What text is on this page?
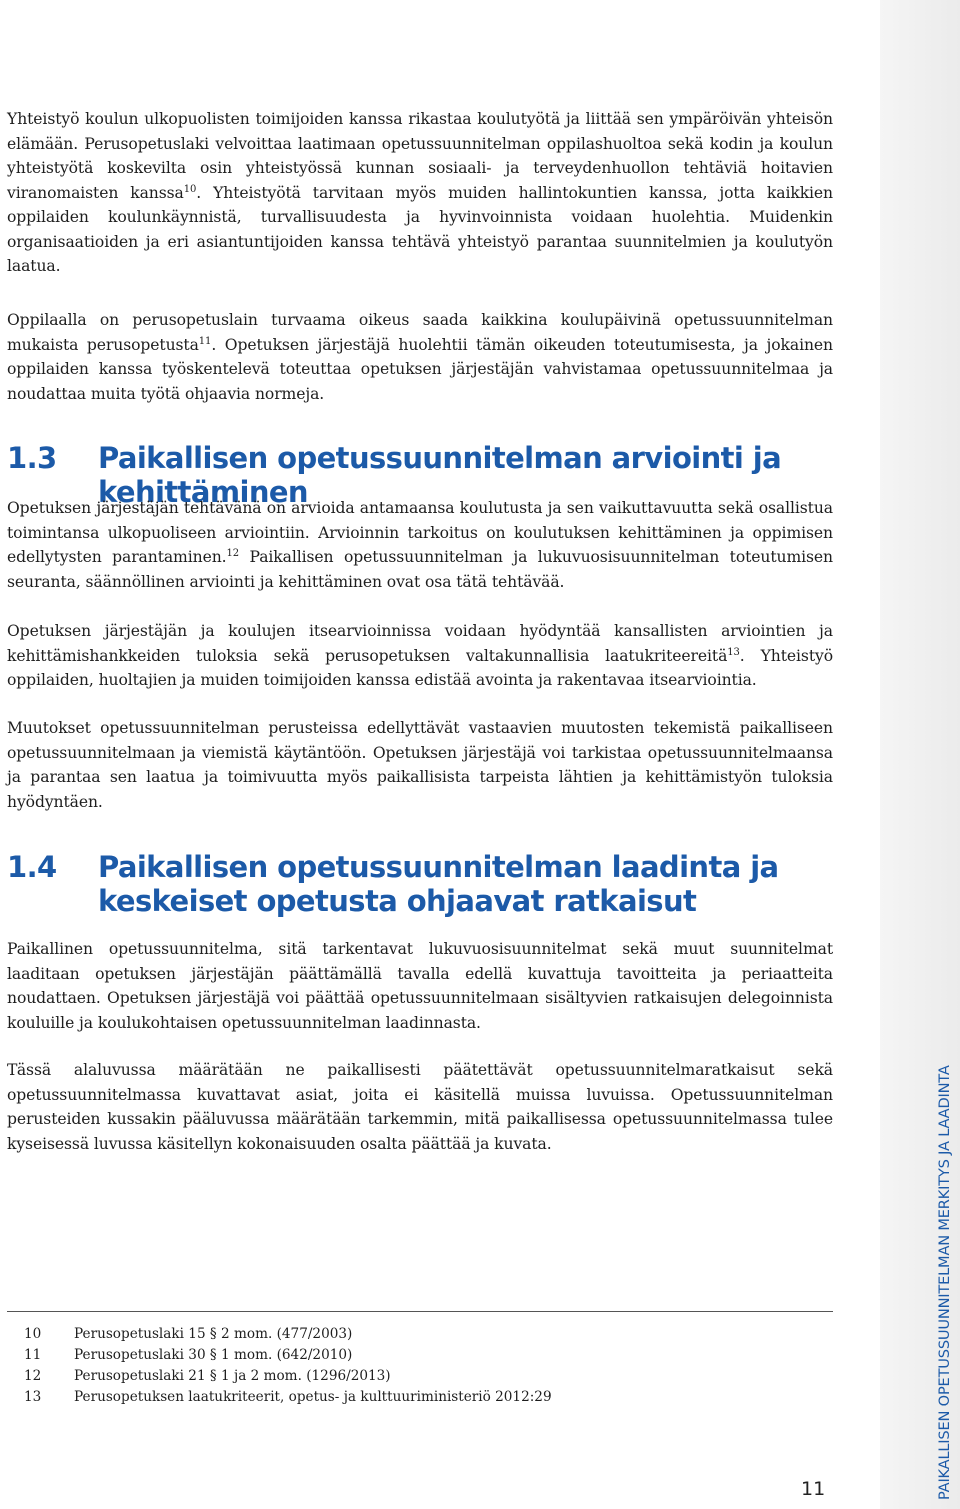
Yhteistyö koulun ulkopuolisten toimijoiden kanssa rikastaa koulutyötä ja liittää sen ympäröivän yhteisön elämään. Perusopetuslaki velvoittaa laatimaan opetussuunnitelman oppilashuoltoa sekä kodin ja koulun yhteistyötä koskevilta osin yhteistyössä kunnan sosiaali- ja terveydenhuollon tehtäviä hoitavien viranomaisten kanssa$^{10}$. Yhteistyötä tarvitaan myös muiden hallintokuntien kanssa, jotta kaikkien oppilaiden koulunkäynnistä, turvallisuudesta ja hyvinvoinnista voidaan huolehtia. Muidenkin organisaatioiden ja eri asiantuntijoiden kanssa tehtävä yhteistyö parantaa suunnitelmien ja koulutyön laatua.

Oppilaalla on perusopetuslain turvaama oikeus saada kaikkina koulupäivinä opetussuunnitelman mukaista perusopetusta$^{11}$. Opetuksen järjestäjä huolehtii tämän oikeuden toteutumisesta, ja jokainen oppilaiden kanssa työskentelevä toteuttaa opetuksen järjestäjän vahvistamaa opetussuunnitelmaa ja noudattaa muita työtä ohjaavia normeja.

1.3 Paikallisen opetussuunnitelman arviointi ja kehittäminen

Opetuksen järjestäjän tehtävänä on arvioida antamaansa koulutusta ja sen vaikuttavuutta sekä osallistua toimintansa ulkopuoliseen arviointiin. Arvioinnin tarkoitus on koulutuksen kehittäminen ja oppimisen edellytysten parantaminen.$^{12}$ Paikallisen opetussuunnitelman ja lukuvuosisuunnitelman toteutumisen seuranta, säännöllinen arviointi ja kehittäminen ovat osa tätä tehtävää.

Opetuksen järjestäjän ja koulujen itsearvioinnissa voidaan hyödyntää kansallisten arviointien ja kehittämishankkeiden tuloksia sekä perusopetuksen valtakunnallisia laatukriteereitä$^{13}$. Yhteistyö oppilaiden, huoltajien ja muiden toimijoiden kanssa edistää avointa ja rakentavaa itsearviointia.

Muutokset opetussuunnitelman perusteissa edellyttävät vastaavien muutosten tekemistä paikalliseen opetussuunnitelmaan ja viemistä käytäntöön. Opetuksen järjestäjä voi tarkistaa opetussuunnitelmaansa ja parantaa sen laatua ja toimivuutta myös paikallisista tarpeista lähtien ja kehittämistyön tuloksia hyödyntäen.

1.4 Paikallisen opetussuunnitelman laadinta ja keskeiset opetusta ohjaavat ratkaisut

Paikallinen opetussuunnitelma, sitä tarkentavat lukuvuosisuunnitelmat sekä muut suunnitelmat laaditaan opetuksen järjestäjän päättämällä tavalla edellä kuvattuja tavoitteita ja periaatteita noudattaen. Opetuksen järjestäjä voi päättää opetussuunnitelmaan sisältyvien ratkaisujen delegoinnista kouluille ja koulukohtaisen opetussuunnitelman laadinnasta.

Tässä alaluvussa määrätään ne paikallisesti päätettävät opetussuunnitelmaratkaisut sekä opetussuunnitelmassa kuvattavat asiat, joita ei käsitellä muissa luvuissa. Opetussuunnitelman perusteiden kussakin pääluvussa määrätään tarkemmin, mitä paikallisessa opetussuunnitelmassa tulee kyseisessä luvussa käsitellyn kokonaisuuden osalta päättää ja kuvata.

10 Perusopetuslaki 15 § 2 mom. (477/2003)
11 Perusopetuslaki 30 § 1 mom. (642/2010)
12 Perusopetuslaki 21 § 1 ja 2 mom. (1296/2013)
13 Perusopetuksen laatukriteerit, opetus- ja kulttuuriministeriö 2012:29	PAIKALLISEN OPETUSSUUNNITELMAN MERKITYS JA LAADINTA
11
